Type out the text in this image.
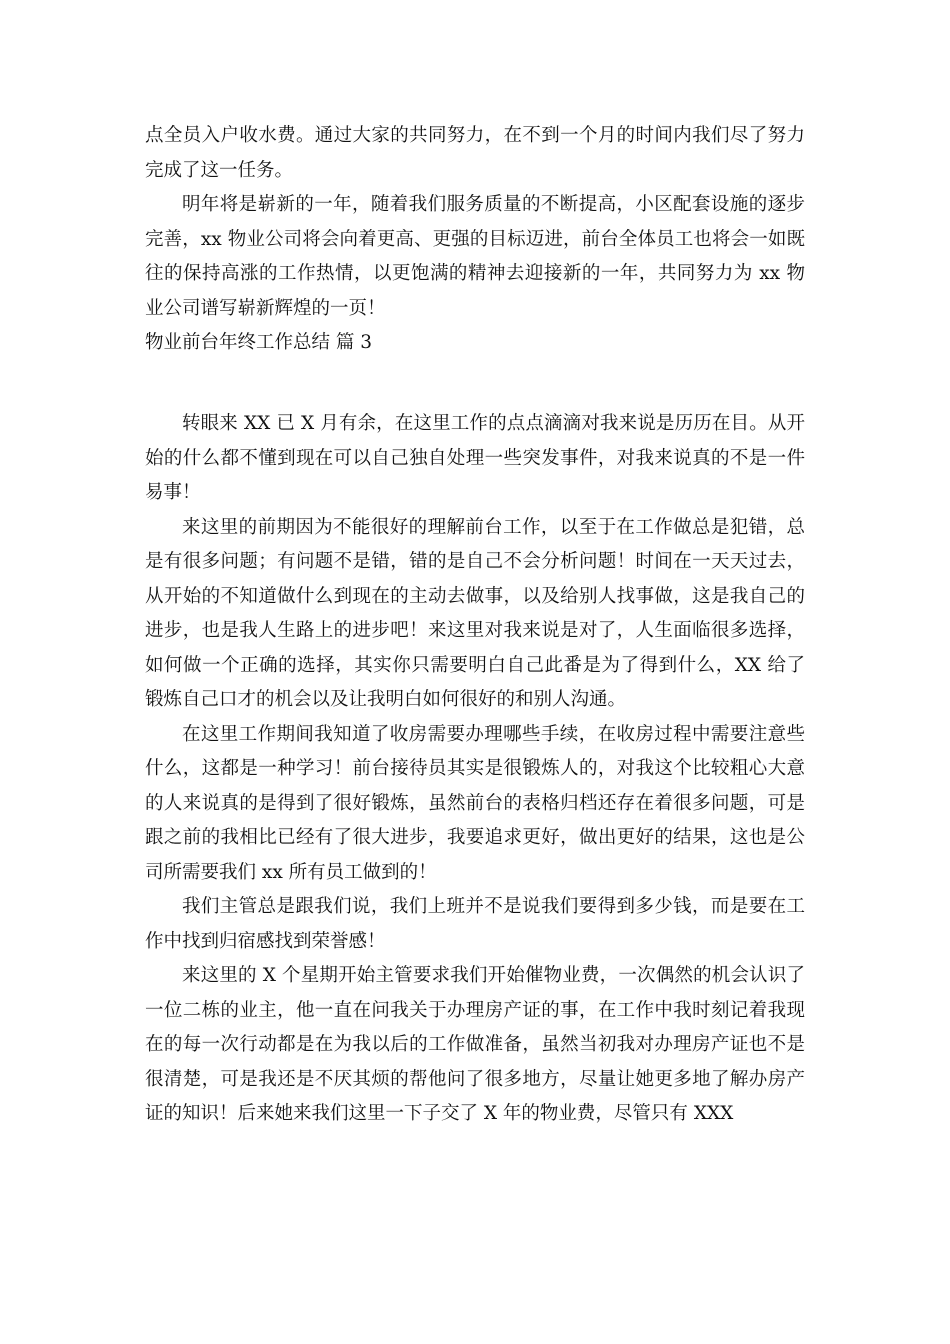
点全员入户收水费。通过大家的共同努力，在不到一个月的时间内我们尽了努力完成了这一任务。

明年将是崭新的一年，随着我们服务质量的不断提高，小区配套设施的逐步完善，xx 物业公司将会向着更高、更强的目标迈进，前台全体员工也将会一如既往的保持高涨的工作热情，以更饱满的精神去迎接新的一年，共同努力为 xx 物业公司谱写崭新辉煌的一页！

物业前台年终工作总结 篇 3

转眼来 XX 已 X 月有余，在这里工作的点点滴滴对我来说是历历在目。从开始的什么都不懂到现在可以自己独自处理一些突发事件，对我来说真的不是一件易事！

来这里的前期因为不能很好的理解前台工作，以至于在工作做总是犯错，总是有很多问题；有问题不是错，错的是自己不会分析问题！时间在一天天过去，从开始的不知道做什么到现在的主动去做事，以及给别人找事做，这是我自己的进步，也是我人生路上的进步吧！来这里对我来说是对了，人生面临很多选择，如何做一个正确的选择，其实你只需要明白自己此番是为了得到什么，XX 给了锻炼自己口才的机会以及让我明白如何很好的和别人沟通。

在这里工作期间我知道了收房需要办理哪些手续，在收房过程中需要注意些什么，这都是一种学习！前台接待员其实是很锻炼人的，对我这个比较粗心大意的人来说真的是得到了很好锻炼，虽然前台的表格归档还存在着很多问题，可是跟之前的我相比已经有了很大进步，我要追求更好，做出更好的结果，这也是公司所需要我们 xx 所有员工做到的！

我们主管总是跟我们说，我们上班并不是说我们要得到多少钱，而是要在工作中找到归宿感找到荣誉感！

来这里的 X 个星期开始主管要求我们开始催物业费，一次偶然的机会认识了一位二栋的业主，他一直在问我关于办理房产证的事，在工作中我时刻记着我现在的每一次行动都是在为我以后的工作做准备，虽然当初我对办理房产证也不是很清楚，可是我还是不厌其烦的帮他问了很多地方，尽量让她更多地了解办房产证的知识！后来她来我们这里一下子交了 X 年的物业费，尽管只有 XXX
